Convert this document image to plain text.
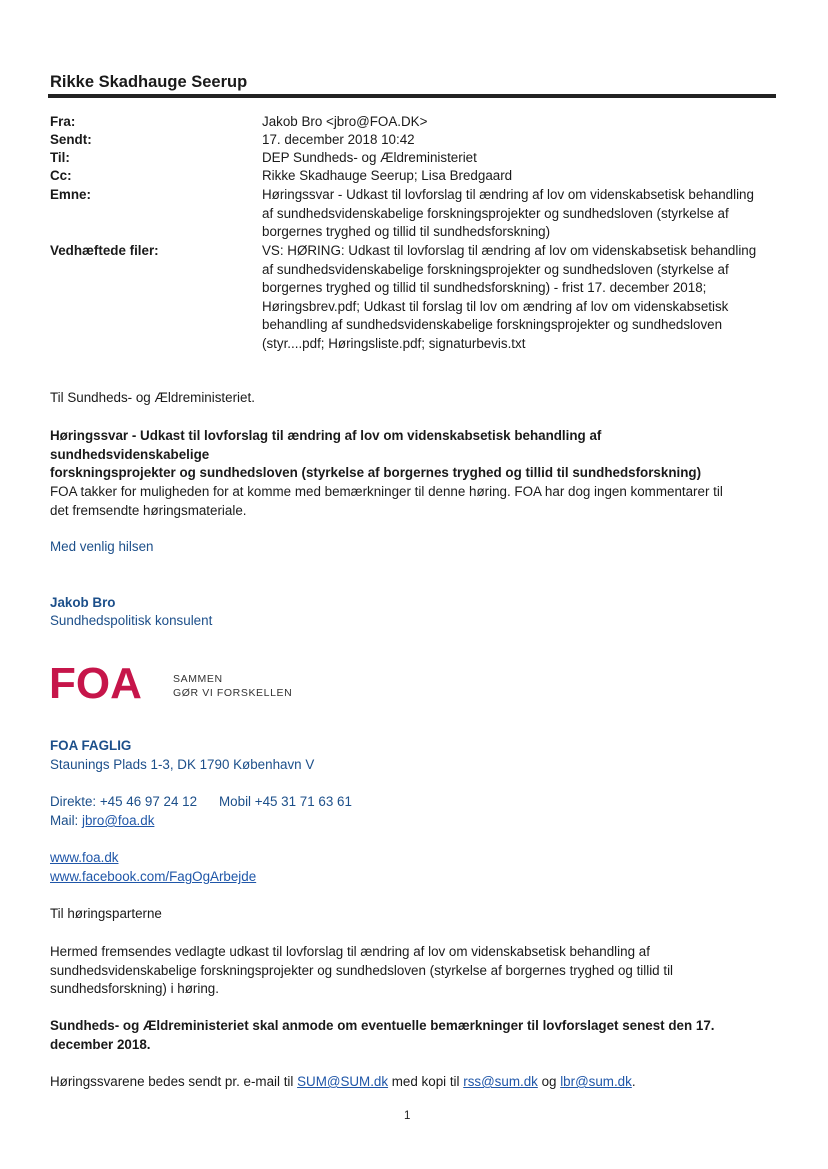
Rikke Skadhauge Seerup
Fra:	Jakob Bro <jbro@FOA.DK>
Sendt:	17. december 2018 10:42
Til:	DEP Sundheds- og Ældreministeriet
Cc:	Rikke Skadhauge Seerup; Lisa Bredgaard
Emne:	Høringssvar - Udkast til lovforslag til ændring af lov om videnskabsetisk behandling
af sundhedsvidenskabelige forskningsprojekter og sundhedsloven (styrkelse af
borgernes tryghed og tillid til sundhedsforskning)
Vedhæftede filer:	VS: HØRING: Udkast til lovforslag til ændring af lov om videnskabsetisk behandling
af sundhedsvidenskabelige forskningsprojekter og sundhedsloven (styrkelse af
borgernes tryghed og tillid til sundhedsforskning) - frist 17. december 2018;
Høringsbrev.pdf; Udkast til forslag til lov om ændring af lov om videnskabsetisk
behandling af sundhedsvidenskabelige forskningsprojekter og sundhedsloven
(styr....pdf; Høringsliste.pdf; signaturbevis.txt
Til Sundheds- og Ældreministeriet.
Høringssvar - Udkast til lovforslag til ændring af lov om videnskabsetisk behandling af sundhedsvidenskabelige
forskningsprojekter og sundhedsloven (styrkelse af borgernes tryghed og tillid til sundhedsforskning)
FOA takker for muligheden for at komme med bemærkninger til denne høring. FOA har dog ingen kommentarer til
det fremsendte høringsmateriale.
Med venlig hilsen
Jakob Bro
Sundhedspolitisk konsulent
FOA	SAMMEN
GØR VI FORSKELLEN
FOA FAGLIG
Staunings Plads 1-3, DK 1790 København V
Direkte: +45 46 97 24 12 Mobil +45 31 71 63 61
Mail: jbro@foa.dk
www.foa.dk
www.facebook.com/FagOgArbejde
Til høringsparterne
Hermed fremsendes vedlagte udkast til lovforslag til ændring af lov om videnskabsetisk behandling af
sundhedsvidenskabelige forskningsprojekter og sundhedsloven (styrkelse af borgernes tryghed og tillid til
sundhedsforskning) i høring.
Sundheds- og Ældreministeriet skal anmode om eventuelle bemærkninger til lovforslaget senest den 17.
december 2018.
Høringssvarene bedes sendt pr. e-mail til SUM@SUM.dk med kopi til rss@sum.dk og lbr@sum.dk.
1
